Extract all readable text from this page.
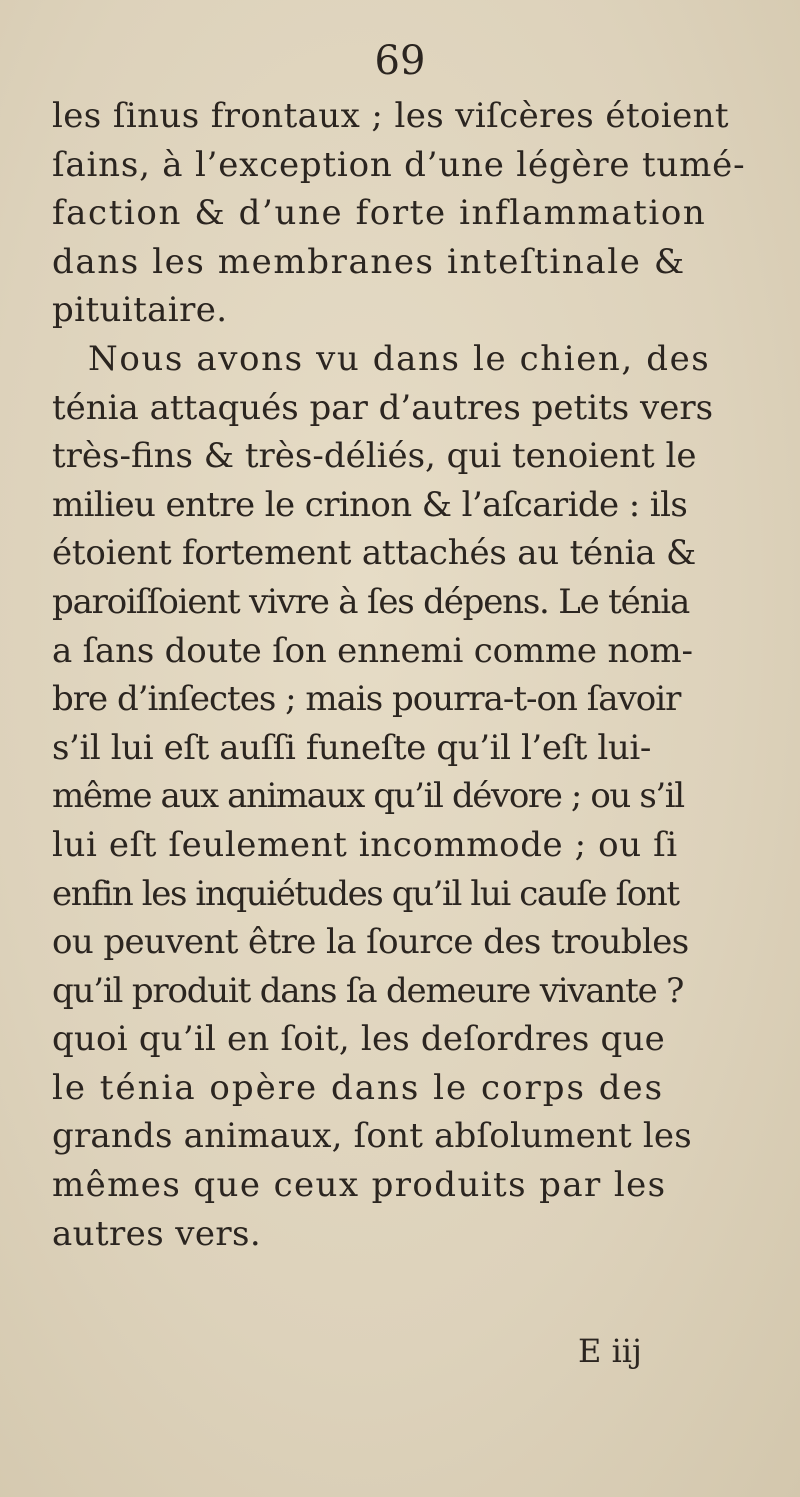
69
les ſinus frontaux ; les viſcères étoient
ſains, à l’exception d’une légère tumé-
faction & d’une forte inflammation
dans les membranes inteſtinale &
pituitaire.
Nous avons vu dans le chien, des
ténia attaqués par d’autres petits vers
très-fins & très-déliés, qui tenoient le
milieu entre le crinon & l’aſcaride : ils
étoient fortement attachés au ténia &
paroiſſoient vivre à ſes dépens. Le ténia
a ſans doute ſon ennemi comme nom-
bre d’inſectes ; mais pourra-t-on ſavoir
s’il lui eſt auſſi funeſte qu’il l’eſt lui-
même aux animaux qu’il dévore ; ou s’il
lui eſt ſeulement incommode ; ou ſi
enfin les inquiétudes qu’il lui cauſe ſont
ou peuvent être la ſource des troubles
qu’il produit dans ſa demeure vivante ?
quoi qu’il en ſoit, les deſordres que
le ténia opère dans le corps des
grands animaux, ſont abſolument les
mêmes que ceux produits par les
autres vers.
E iij
